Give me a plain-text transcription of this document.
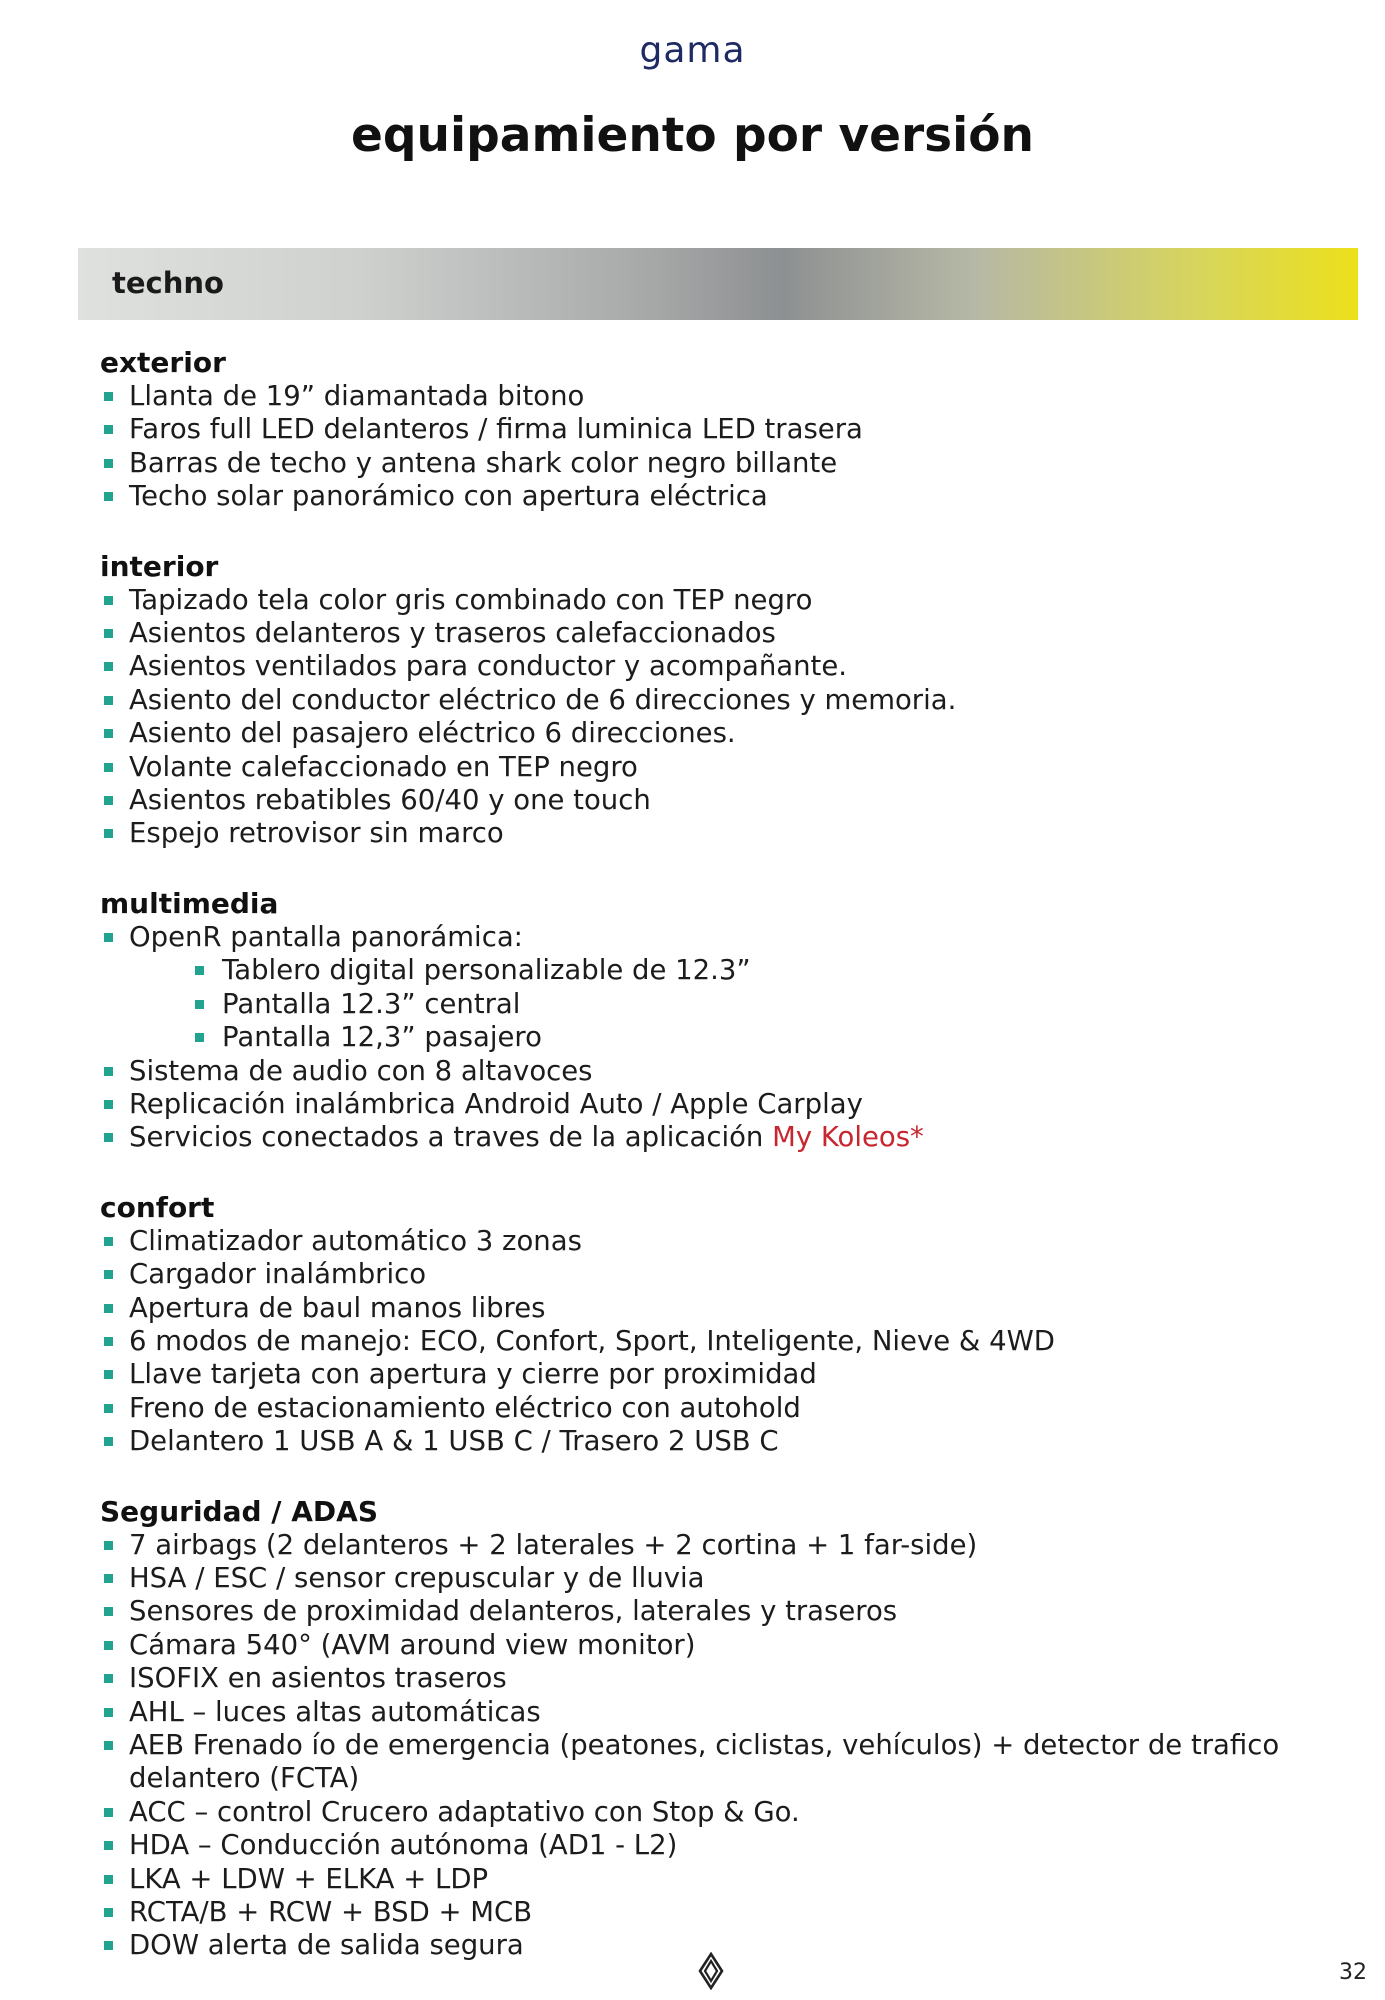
gama
equipamiento por versión
techno
exterior
Llanta de 19” diamantada bitono
Faros full LED delanteros / firma luminica LED trasera
Barras de techo y antena shark color negro billante
Techo solar panorámico con apertura eléctrica
interior
Tapizado tela color gris combinado con TEP negro
Asientos delanteros y traseros calefaccionados
Asientos ventilados para conductor y acompañante.
Asiento del conductor eléctrico de 6 direcciones y memoria.
Asiento del pasajero eléctrico 6 direcciones.
Volante calefaccionado en TEP negro
Asientos rebatibles 60/40 y one touch
Espejo retrovisor sin marco
multimedia
OpenR pantalla panorámica:
Tablero digital personalizable de 12.3”
Pantalla 12.3” central
Pantalla 12,3” pasajero
Sistema de audio con 8 altavoces
Replicación inalámbrica Android Auto / Apple Carplay
Servicios conectados a traves de la aplicación My Koleos*
confort
Climatizador automático 3 zonas
Cargador inalámbrico
Apertura de baul manos libres
6 modos de manejo: ECO, Confort, Sport, Inteligente, Nieve & 4WD
Llave tarjeta con apertura y cierre por proximidad
Freno de estacionamiento eléctrico con autohold
Delantero 1 USB A & 1 USB C / Trasero 2 USB C
Seguridad / ADAS
7 airbags (2 delanteros + 2 laterales + 2 cortina + 1 far-side)
HSA / ESC / sensor crepuscular y de lluvia
Sensores de proximidad delanteros, laterales y traseros
Cámara 540° (AVM around view monitor)
ISOFIX en asientos traseros
AHL – luces altas automáticas
AEB Frenado ío de emergencia (peatones, ciclistas, vehículos) + detector de trafico delantero (FCTA)
ACC – control Crucero adaptativo con Stop & Go.
HDA – Conducción autónoma (AD1 - L2)
LKA + LDW + ELKA + LDP
RCTA/B + RCW + BSD + MCB
DOW alerta de salida segura
32
